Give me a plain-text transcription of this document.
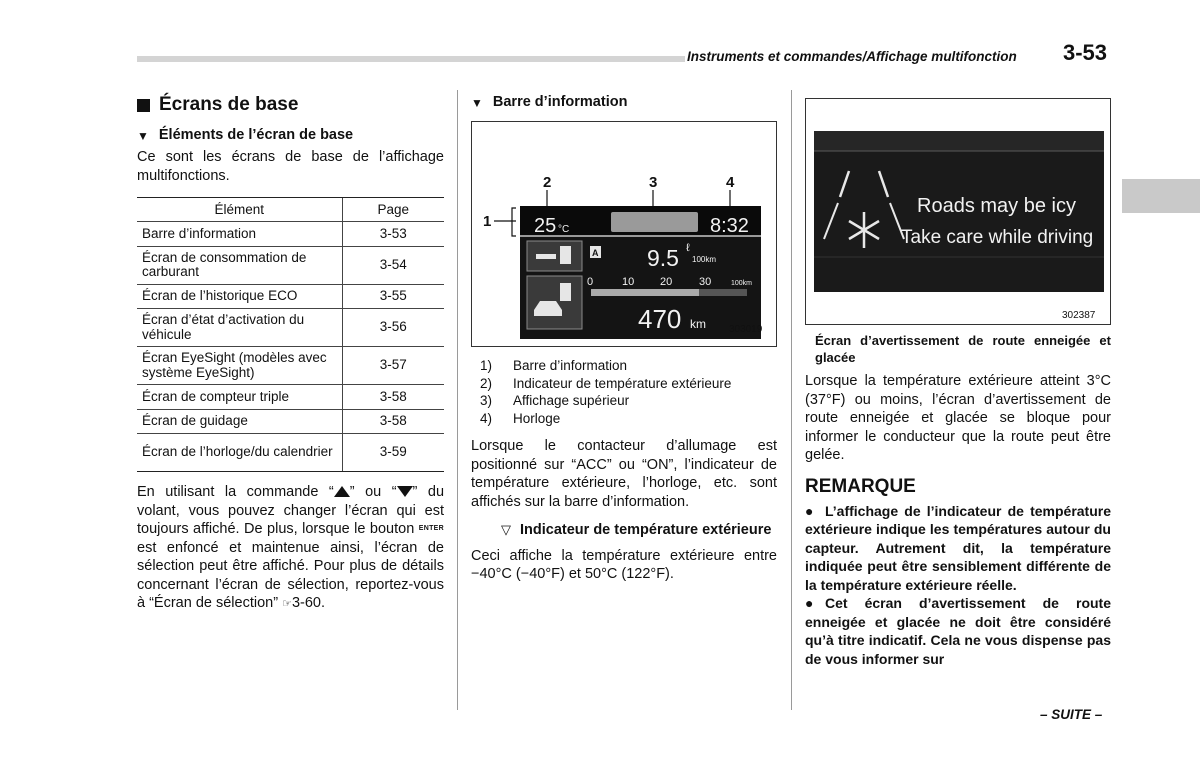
Instruments et commandes/Affichage multifonction 3-53
Écrans de base
▼ Éléments de l’écran de base

Ce sont les écrans de base de l’affichage multifonctions.

Élément	Page
Barre d’information	3-53
Écran de consommation de carburant	3-54
Écran de l’historique ECO	3-55
Écran d’état d’activation du véhicule	3-56
Écran EyeSight (modèles avec système EyeSight)	3-57
Écran de compteur triple	3-58
Écran de guidage	3-58
Écran de l’horloge/du calendrier	3-59

En utilisant la commande “ ” ou “ ” du volant, vous pouvez changer l’écran qui est toujours affiché. De plus, lorsque le bouton ENTER est enfoncé et maintenue ainsi, l’écran de sélection peut être affiché. Pour plus de détails concernant l’écran de sélection, reportez-vous à “Écran de sélection” ☞3-60.

▼ Barre d’information
2	3	4
1 25 °C	8:32
A 9.5 ℓ
100km
0	10 20 30	100km
470 km 303019
1)	Barre d’information
2)	Indicateur de température extérieure
3)	Affichage supérieur
4)	Horloge

Lorsque le contacteur d’allumage est positionné sur “ACC” ou “ON”, l’indicateur de température extérieure, l’horloge, etc. sont affichés sur la barre d’information.

▽ Indicateur de température extérieure

Ceci affiche la température extérieure entre −40°C (−40°F) et 50°C (122°F).

Roads may be icy
Take care while driving
302387

Écran d’avertissement de route enneigée et glacée

Lorsque la température extérieure atteint 3°C (37°F) ou moins, l’écran d’avertissement de route enneigée et glacée se bloque pour informer le conducteur que la route peut être gelée.

REMARQUE

● L’affichage de l’indicateur de température extérieure indique les températures autour du capteur. Autrement dit, la température indiquée peut être sensiblement différente de la température extérieure réelle.

● Cet écran d’avertissement de route enneigée et glacée ne doit être considéré qu’à titre indicatif. Cela ne vous dispense pas de vous informer sur

– SUITE –
